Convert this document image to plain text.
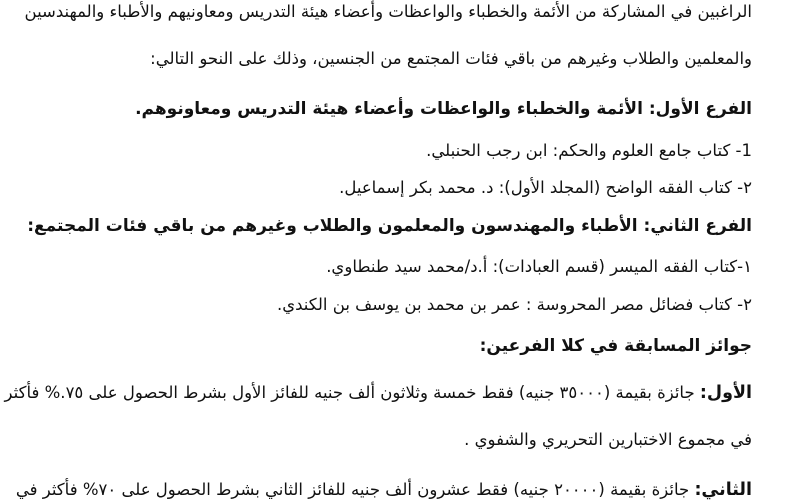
الراغبين في المشاركة من الأئمة والخطباء والواعظات وأعضاء هيئة التدريس ومعاونيهم والأطباء والمهندسين
والمعلمين والطلاب وغيرهم من باقي فئات المجتمع من الجنسين، وذلك على النحو التالي:
الفرع الأول: الأئمة والخطباء والواعظات وأعضاء هيئة التدريس ومعاونوهم.
1- كتاب جامع العلوم والحكم: ابن رجب الحنبلي.
٢- كتاب الفقه الواضح (المجلد الأول): د. محمد بكر إسماعيل.
الفرع الثاني: الأطباء والمهندسون والمعلمون والطلاب وغيرهم من باقي فئات المجتمع:
١-كتاب الفقه الميسر (قسم العبادات): أ.د/محمد سيد طنطاوي.
٢- كتاب فضائل مصر المحروسة : عمر بن محمد بن يوسف بن الكندي.
جوائز المسابقة في كلا الفرعين:
الأول: جائزة بقيمة (٣٥٠٠٠ جنيه) فقط خمسة وثلاثون ألف جنيه للفائز الأول بشرط الحصول على ٧٥.% فأكثر
في مجموع الاختبارين التحريري والشفوي .
الثاني: جائزة بقيمة (٢٠٠٠٠ جنيه) فقط عشرون ألف جنيه للفائز الثاني بشرط الحصول على ٧٠% فأكثر في
